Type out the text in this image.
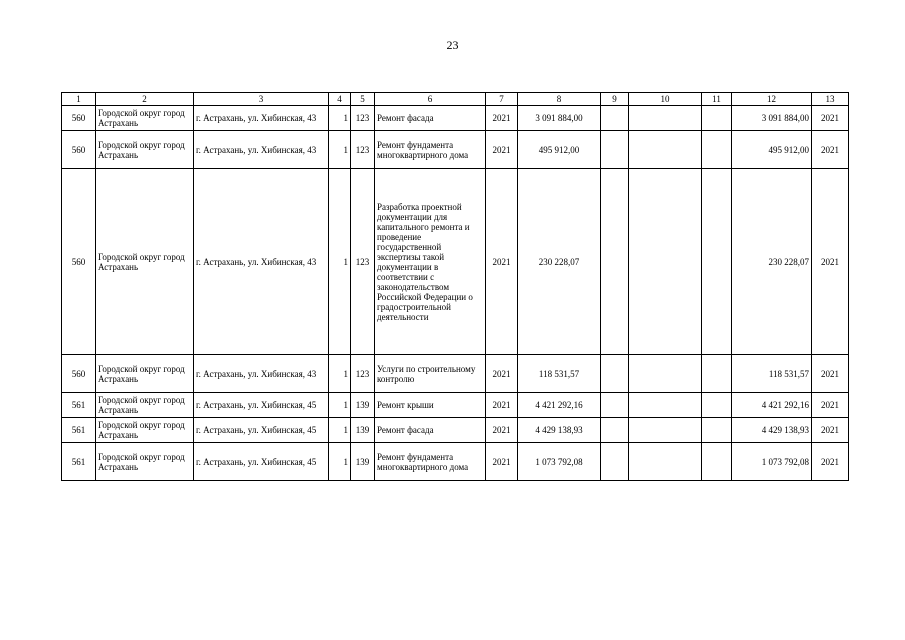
23
1	2	3	4	5	6	7	8	9	10	11	12	13
560	Городской округ город Астрахань	г. Астрахань, ул. Хибинская, 43	1	123	Ремонт фасада	2021	3 091 884,00				3 091 884,00	2021
560	Городской округ город Астрахань	г. Астрахань, ул. Хибинская, 43	1	123	Ремонт фундамента многоквартирного дома	2021	495 912,00				495 912,00	2021
560	Городской округ город Астрахань	г. Астрахань, ул. Хибинская, 43	1	123	Разработка проектной документации для капитального ремонта и проведение государственной экспертизы такой документации в соответствии с законодательством Российской Федерации о градостроительной деятельности	2021	230 228,07				230 228,07	2021
560	Городской округ город Астрахань	г. Астрахань, ул. Хибинская, 43	1	123	Услуги по строительному контролю	2021	118 531,57				118 531,57	2021
561	Городской округ город Астрахань	г. Астрахань, ул. Хибинская, 45	1	139	Ремонт крыши	2021	4 421 292,16				4 421 292,16	2021
561	Городской округ город Астрахань	г. Астрахань, ул. Хибинская, 45	1	139	Ремонт фасада	2021	4 429 138,93				4 429 138,93	2021
561	Городской округ город Астрахань	г. Астрахань, ул. Хибинская, 45	1	139	Ремонт фундамента многоквартирного дома	2021	1 073 792,08				1 073 792,08	2021
